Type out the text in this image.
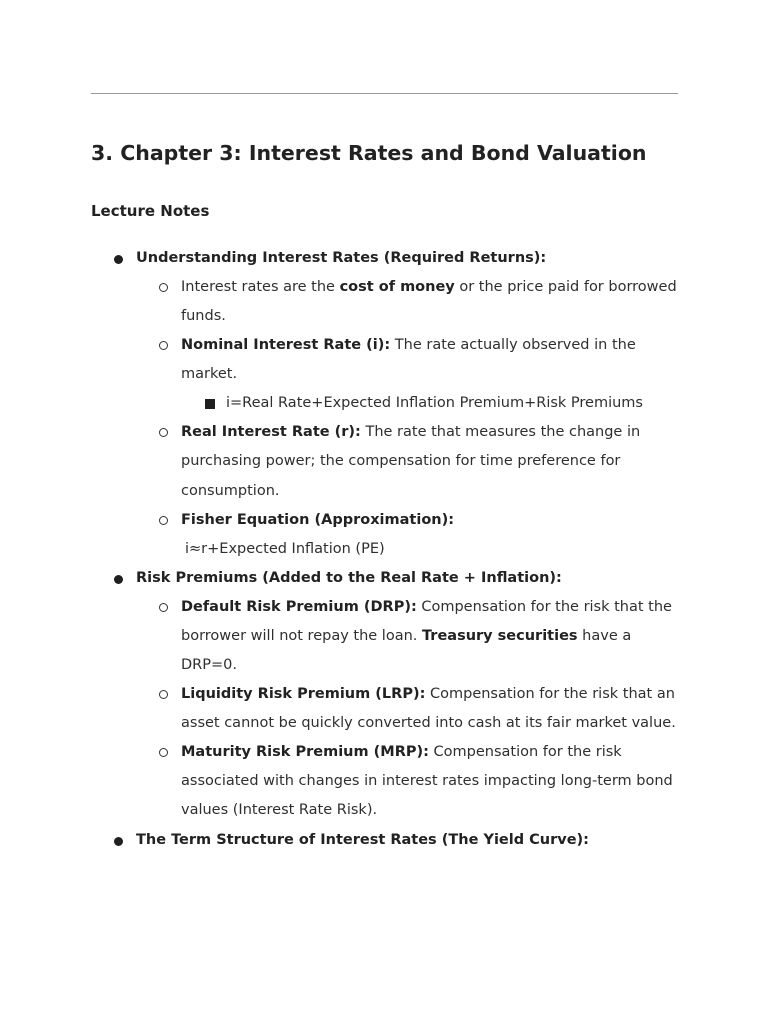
3. Chapter 3: Interest Rates and Bond Valuation
Lecture Notes
Understanding Interest Rates (Required Returns):
Interest rates are the cost of money or the price paid for borrowed
funds.
Nominal Interest Rate (i): The rate actually observed in the
market.
i=Real Rate+Expected Inflation Premium+Risk Premiums
Real Interest Rate (r): The rate that measures the change in
purchasing power; the compensation for time preference for
consumption.
Fisher Equation (Approximation):
i≈r+Expected Inflation (PE)
Risk Premiums (Added to the Real Rate + Inflation):
Default Risk Premium (DRP): Compensation for the risk that the
borrower will not repay the loan. Treasury securities have a
DRP=0.
Liquidity Risk Premium (LRP): Compensation for the risk that an
asset cannot be quickly converted into cash at its fair market value.
Maturity Risk Premium (MRP): Compensation for the risk
associated with changes in interest rates impacting long-term bond
values (Interest Rate Risk).
The Term Structure of Interest Rates (The Yield Curve):
